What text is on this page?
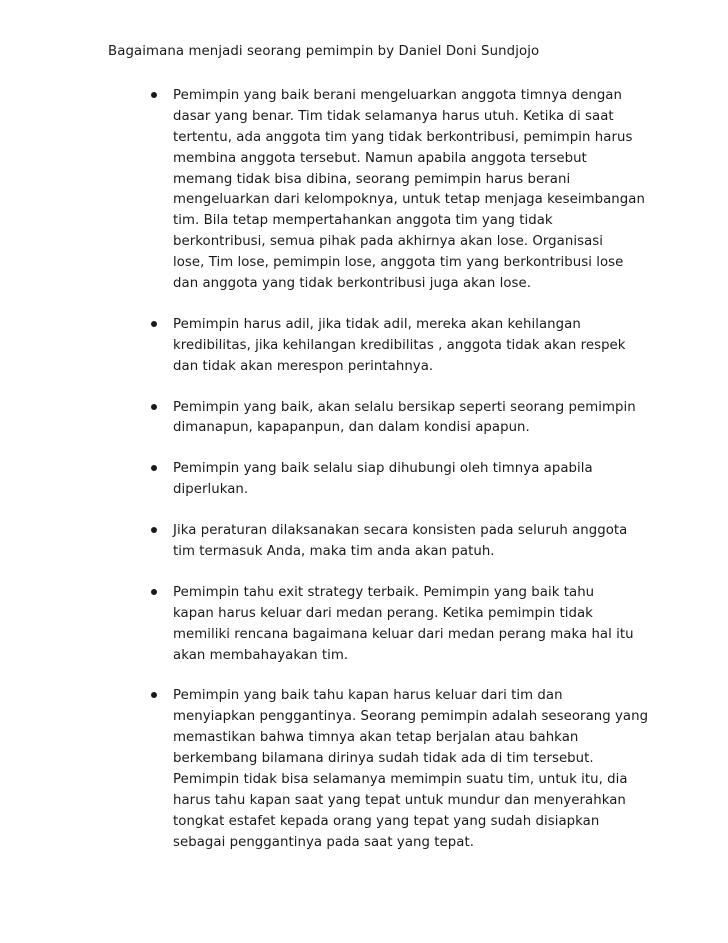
Bagaimana menjadi seorang pemimpin by Daniel Doni Sundjojo
Pemimpin yang baik berani mengeluarkan anggota timnya dengan
dasar yang benar. Tim tidak selamanya harus utuh. Ketika di saat
tertentu, ada anggota tim yang tidak berkontribusi, pemimpin harus
membina anggota tersebut. Namun apabila anggota tersebut
memang tidak bisa dibina, seorang pemimpin harus berani
mengeluarkan dari kelompoknya, untuk tetap menjaga keseimbangan
tim. Bila tetap mempertahankan anggota tim yang tidak
berkontribusi, semua pihak pada akhirnya akan lose. Organisasi
lose, Tim lose, pemimpin lose, anggota tim yang berkontribusi lose
dan anggota yang tidak berkontribusi juga akan lose.
Pemimpin harus adil, jika tidak adil, mereka akan kehilangan
kredibilitas, jika kehilangan kredibilitas , anggota tidak akan respek
dan tidak akan merespon perintahnya.
Pemimpin yang baik, akan selalu bersikap seperti seorang pemimpin
dimanapun, kapapanpun, dan dalam kondisi apapun.
Pemimpin yang baik selalu siap dihubungi oleh timnya apabila
diperlukan.
Jika peraturan dilaksanakan secara konsisten pada seluruh anggota
tim termasuk Anda, maka tim anda akan patuh.
Pemimpin tahu exit strategy terbaik. Pemimpin yang baik tahu
kapan harus keluar dari medan perang. Ketika pemimpin tidak
memiliki rencana bagaimana keluar dari medan perang maka hal itu
akan membahayakan tim.
Pemimpin yang baik tahu kapan harus keluar dari tim dan
menyiapkan penggantinya. Seorang pemimpin adalah seseorang yang
memastikan bahwa timnya akan tetap berjalan atau bahkan
berkembang bilamana dirinya sudah tidak ada di tim tersebut.
Pemimpin tidak bisa selamanya memimpin suatu tim, untuk itu, dia
harus tahu kapan saat yang tepat untuk mundur dan menyerahkan
tongkat estafet kepada orang yang tepat yang sudah disiapkan
sebagai penggantinya pada saat yang tepat.
